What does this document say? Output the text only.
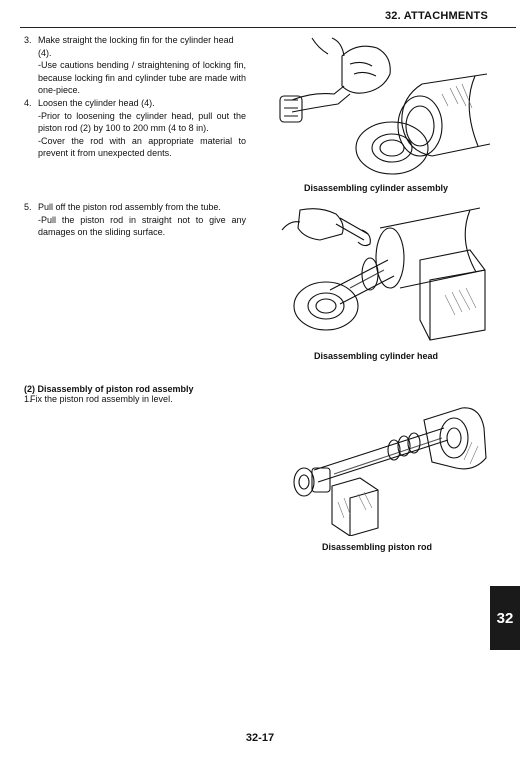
32. ATTACHMENTS
3. Make straight the locking fin for the cylinder head (4).
-Use cautions bending / straightening of locking fin, because locking fin and cylinder tube are made with one-piece.
4. Loosen the cylinder head (4).
-Prior to loosening the cylinder head, pull out the piston rod (2) by 100 to 200 mm (4 to 8 in).
-Cover the rod with an appropriate material to prevent it from unexpected dents.
5. Pull off the piston rod assembly from the tube.
-Pull the piston rod in straight not to give any damages on the sliding surface.
(2) Disassembly of piston rod assembly
1.
Fix the piston rod assembly in level.
Disassembling cylinder assembly
Disassembling cylinder head
Disassembling piston rod
32
32-17
